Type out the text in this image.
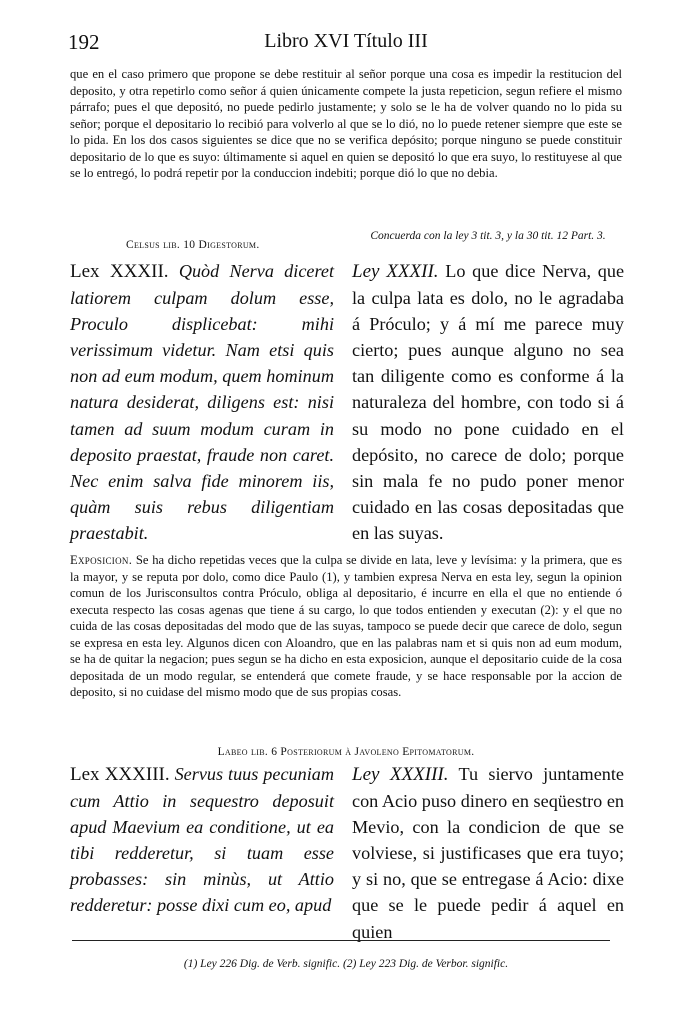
192	Libro XVI Título III

que en el caso primero que propone se debe restituir al señor porque una cosa es impedir la restitucion del deposito, y otra repetirlo como señor á quien únicamente compete la justa repeticion, segun refiere el mismo párrafo; pues el que depositó, no puede pedirlo justamente; y solo se le ha de volver quando no lo pida su señor; porque el depositario lo recibió para volverlo al que se lo dió, no lo puede retener siempre que este se lo pida. En los dos casos siguientes se dice que no se verifica depósito; porque ninguno se puede constituir depositario de lo que es suyo: últimamente si aquel en quien se depositó lo que era suyo, lo restituyese al que se lo entregó, lo podrá repetir por la conduccion indebiti; porque dió lo que no debia.

Celsus lib. 10 Digestorum.
Concuerda con la ley 3 tit. 3, y la 30 tit. 12 Part. 3.

Lex XXXII. Quòd Nerva diceret latiorem culpam dolum esse, Proculo displicebat: mihi verissimum videtur. Nam etsi quis non ad eum modum, quem hominum natura desiderat, diligens est: nisi tamen ad suum modum curam in deposito praestat, fraude non caret. Nec enim salva fide minorem iis, quàm suis rebus diligentiam praestabit.

Ley XXXII. Lo que dice Nerva, que la culpa lata es dolo, no le agradaba á Próculo; y á mí me parece muy cierto; pues aunque alguno no sea tan diligente como es conforme á la naturaleza del hombre, con todo si á su modo no pone cuidado en el depósito, no carece de dolo; porque sin mala fe no pudo poner menor cuidado en las cosas depositadas que en las suyas.

Exposicion. Se ha dicho repetidas veces que la culpa se divide en lata, leve y levísima: y la primera, que es la mayor, y se reputa por dolo, como dice Paulo (1), y tambien expresa Nerva en esta ley, segun la opinion comun de los Jurisconsultos contra Próculo, obliga al depositario, é incurre en ella el que no entiende ó executa respecto las cosas agenas que tiene á su cargo, lo que todos entienden y executan (2): y el que no cuida de las cosas depositadas del modo que de las suyas, tampoco se puede decir que carece de dolo, segun se expresa en esta ley. Algunos dicen con Aloandro, que en las palabras nam et si quis non ad eum modum, se ha de quitar la negacion; pues segun se ha dicho en esta exposicion, aunque el depositario cuide de la cosa depositada de un modo regular, se entenderá que comete fraude, y se hace responsable por la accion de deposito, si no cuidase del mismo modo que de sus propias cosas.

Labeo lib. 6 Posteriorum à Javoleno Epitomatorum.

Lex XXXIII. Servus tuus pecuniam cum Attio in sequestro deposuit apud Maevium ea conditione, ut ea tibi redderetur, si tuam esse probasses: sin minùs, ut Attio redderetur: posse dixi cum eo, apud

Ley XXXIII. Tu siervo juntamente con Acio puso dinero en seqüestro en Mevio, con la condicion de que se volviese, si justificases que era tuyo; y si no, que se entregase á Acio: dixe que se le puede pedir á aquel en quien

(1) Ley 226 Dig. de Verb. signific. (2) Ley 223 Dig. de Verbor. signific.
